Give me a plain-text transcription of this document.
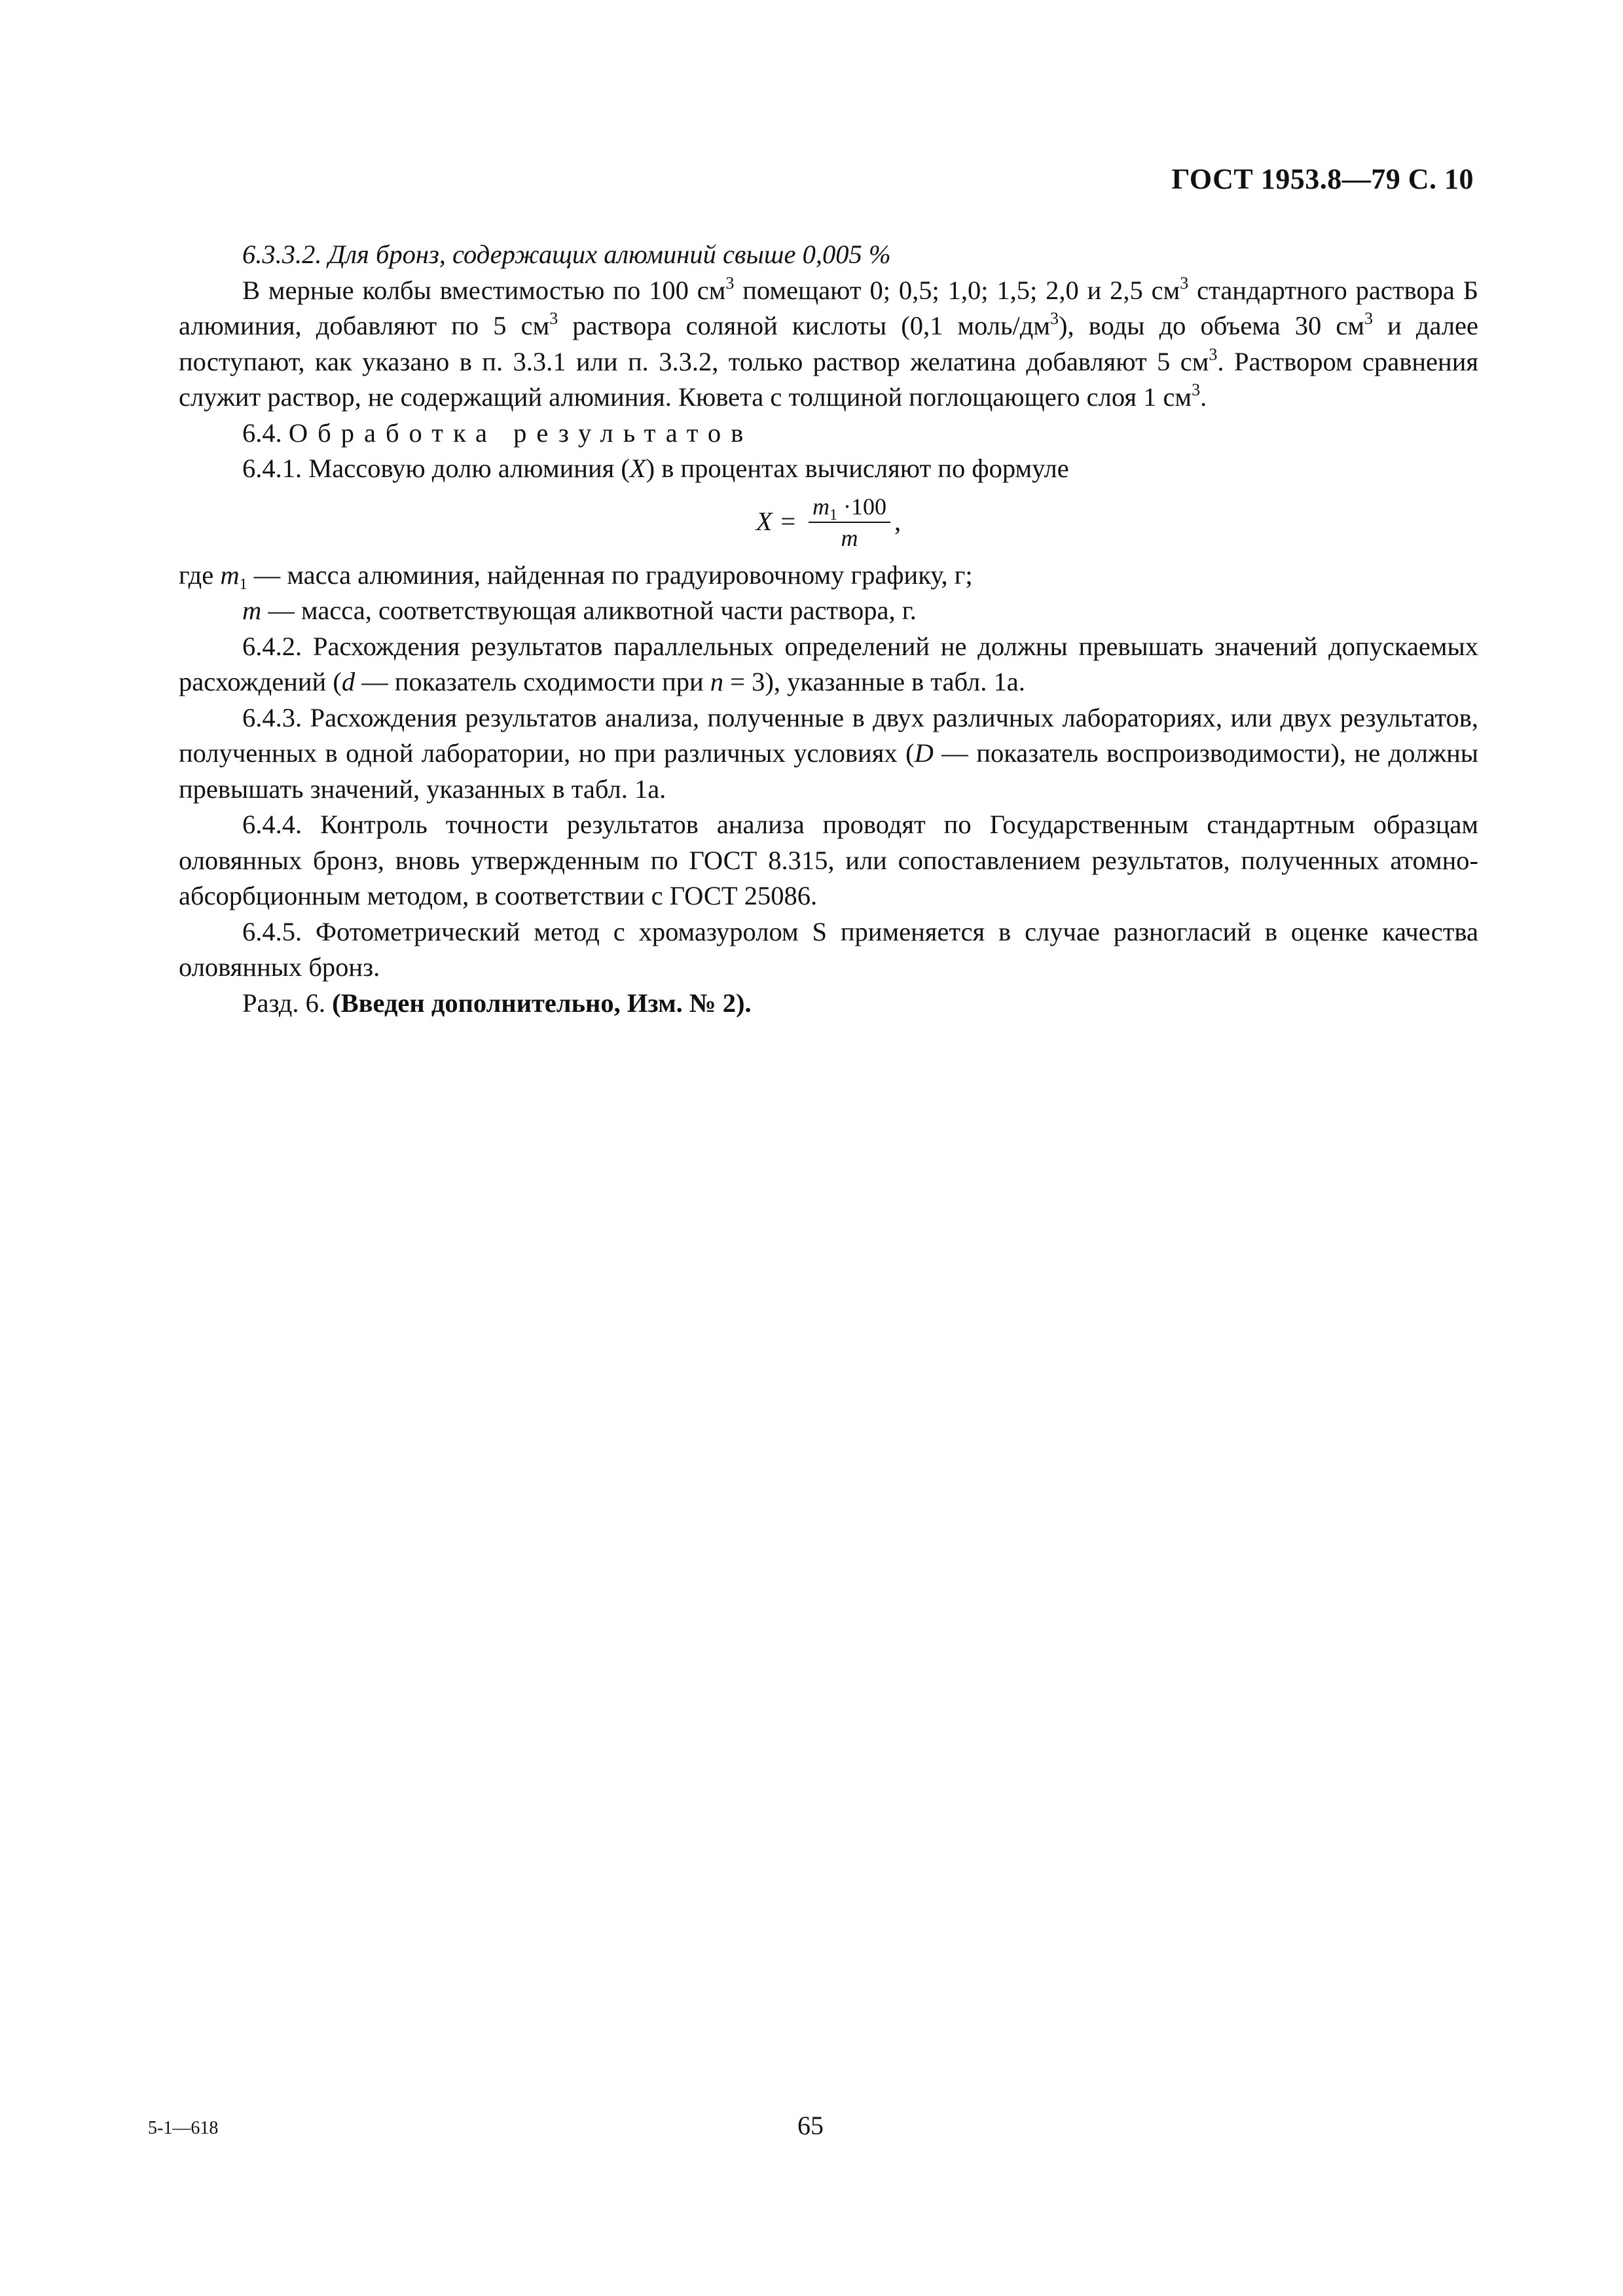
ГОСТ 1953.8—79 С. 10

6.3.3.2. Для бронз, содержащих алюминий свыше 0,005 %

В мерные колбы вместимостью по 100 $см^3$ помещают 0; 0,5; 1,0; 1,5; 2,0 и 2,5 $см^3$ стандартного раствора Б алюминия, добавляют по 5 $см^3$ раствора соляной кислоты (0,1 моль/$дм^3$), воды до объема 30 $см^3$ и далее поступают, как указано в п. 3.3.1 или п. 3.3.2, только раствор желатина добавляют 5 $см^3$. Раствором сравнения служит раствор, не содержащий алюминия. Кювета с толщиной поглощающего слоя 1 $см^3$.

6.4. Обработка результатов

6.4.1. Массовую долю алюминия (X) в процентах вычисляют по формуле

$X = \frac{m_1 \cdot 100}{m}$ ,

где $m_1$ — масса алюминия, найденная по градуировочному графику, г;

m — масса, соответствующая аликвотной части раствора, г.

6.4.2. Расхождения результатов параллельных определений не должны превышать значений допускаемых расхождений (d — показатель сходимости при n = 3), указанные в табл. 1а.

6.4.3. Расхождения результатов анализа, полученные в двух различных лабораториях, или двух результатов, полученных в одной лаборатории, но при различных условиях (D — показатель воспроизводимости), не должны превышать значений, указанных в табл. 1а.

6.4.4. Контроль точности результатов анализа проводят по Государственным стандартным образцам оловянных бронз, вновь утвержденным по ГОСТ 8.315, или сопоставлением результатов, полученных атомно-абсорбционным методом, в соответствии с ГОСТ 25086.

6.4.5. Фотометрический метод с хромазуролом S применяется в случае разногласий в оценке качества оловянных бронз.

Разд. 6. (Введен дополнительно, Изм. № 2).

5-1—618	65
